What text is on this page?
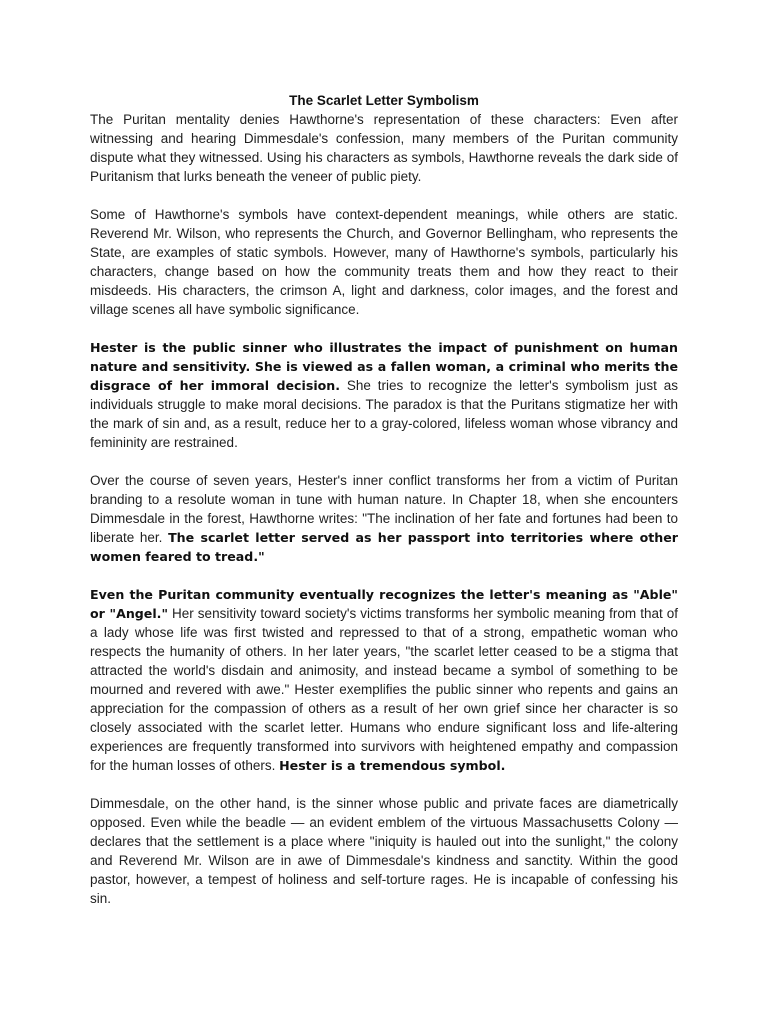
The Scarlet Letter Symbolism

The Puritan mentality denies Hawthorne's representation of these characters: Even after witnessing and hearing Dimmesdale's confession, many members of the Puritan community dispute what they witnessed. Using his characters as symbols, Hawthorne reveals the dark side of Puritanism that lurks beneath the veneer of public piety.

Some of Hawthorne's symbols have context-dependent meanings, while others are static. Reverend Mr. Wilson, who represents the Church, and Governor Bellingham, who represents the State, are examples of static symbols. However, many of Hawthorne's symbols, particularly his characters, change based on how the community treats them and how they react to their misdeeds. His characters, the crimson A, light and darkness, color images, and the forest and village scenes all have symbolic significance.

Hester is the public sinner who illustrates the impact of punishment on human nature and sensitivity. She is viewed as a fallen woman, a criminal who merits the disgrace of her immoral decision. She tries to recognize the letter's symbolism just as individuals struggle to make moral decisions. The paradox is that the Puritans stigmatize her with the mark of sin and, as a result, reduce her to a gray-colored, lifeless woman whose vibrancy and femininity are restrained.

Over the course of seven years, Hester's inner conflict transforms her from a victim of Puritan branding to a resolute woman in tune with human nature. In Chapter 18, when she encounters Dimmesdale in the forest, Hawthorne writes: "The inclination of her fate and fortunes had been to liberate her. The scarlet letter served as her passport into territories where other women feared to tread."

Even the Puritan community eventually recognizes the letter's meaning as "Able" or "Angel." Her sensitivity toward society's victims transforms her symbolic meaning from that of a lady whose life was first twisted and repressed to that of a strong, empathetic woman who respects the humanity of others. In her later years, "the scarlet letter ceased to be a stigma that attracted the world's disdain and animosity, and instead became a symbol of something to be mourned and revered with awe." Hester exemplifies the public sinner who repents and gains an appreciation for the compassion of others as a result of her own grief since her character is so closely associated with the scarlet letter. Humans who endure significant loss and life-altering experiences are frequently transformed into survivors with heightened empathy and compassion for the human losses of others. Hester is a tremendous symbol.

Dimmesdale, on the other hand, is the sinner whose public and private faces are diametrically opposed. Even while the beadle — an evident emblem of the virtuous Massachusetts Colony — declares that the settlement is a place where "iniquity is hauled out into the sunlight," the colony and Reverend Mr. Wilson are in awe of Dimmesdale's kindness and sanctity. Within the good pastor, however, a tempest of holiness and self-torture rages. He is incapable of confessing his sin.
